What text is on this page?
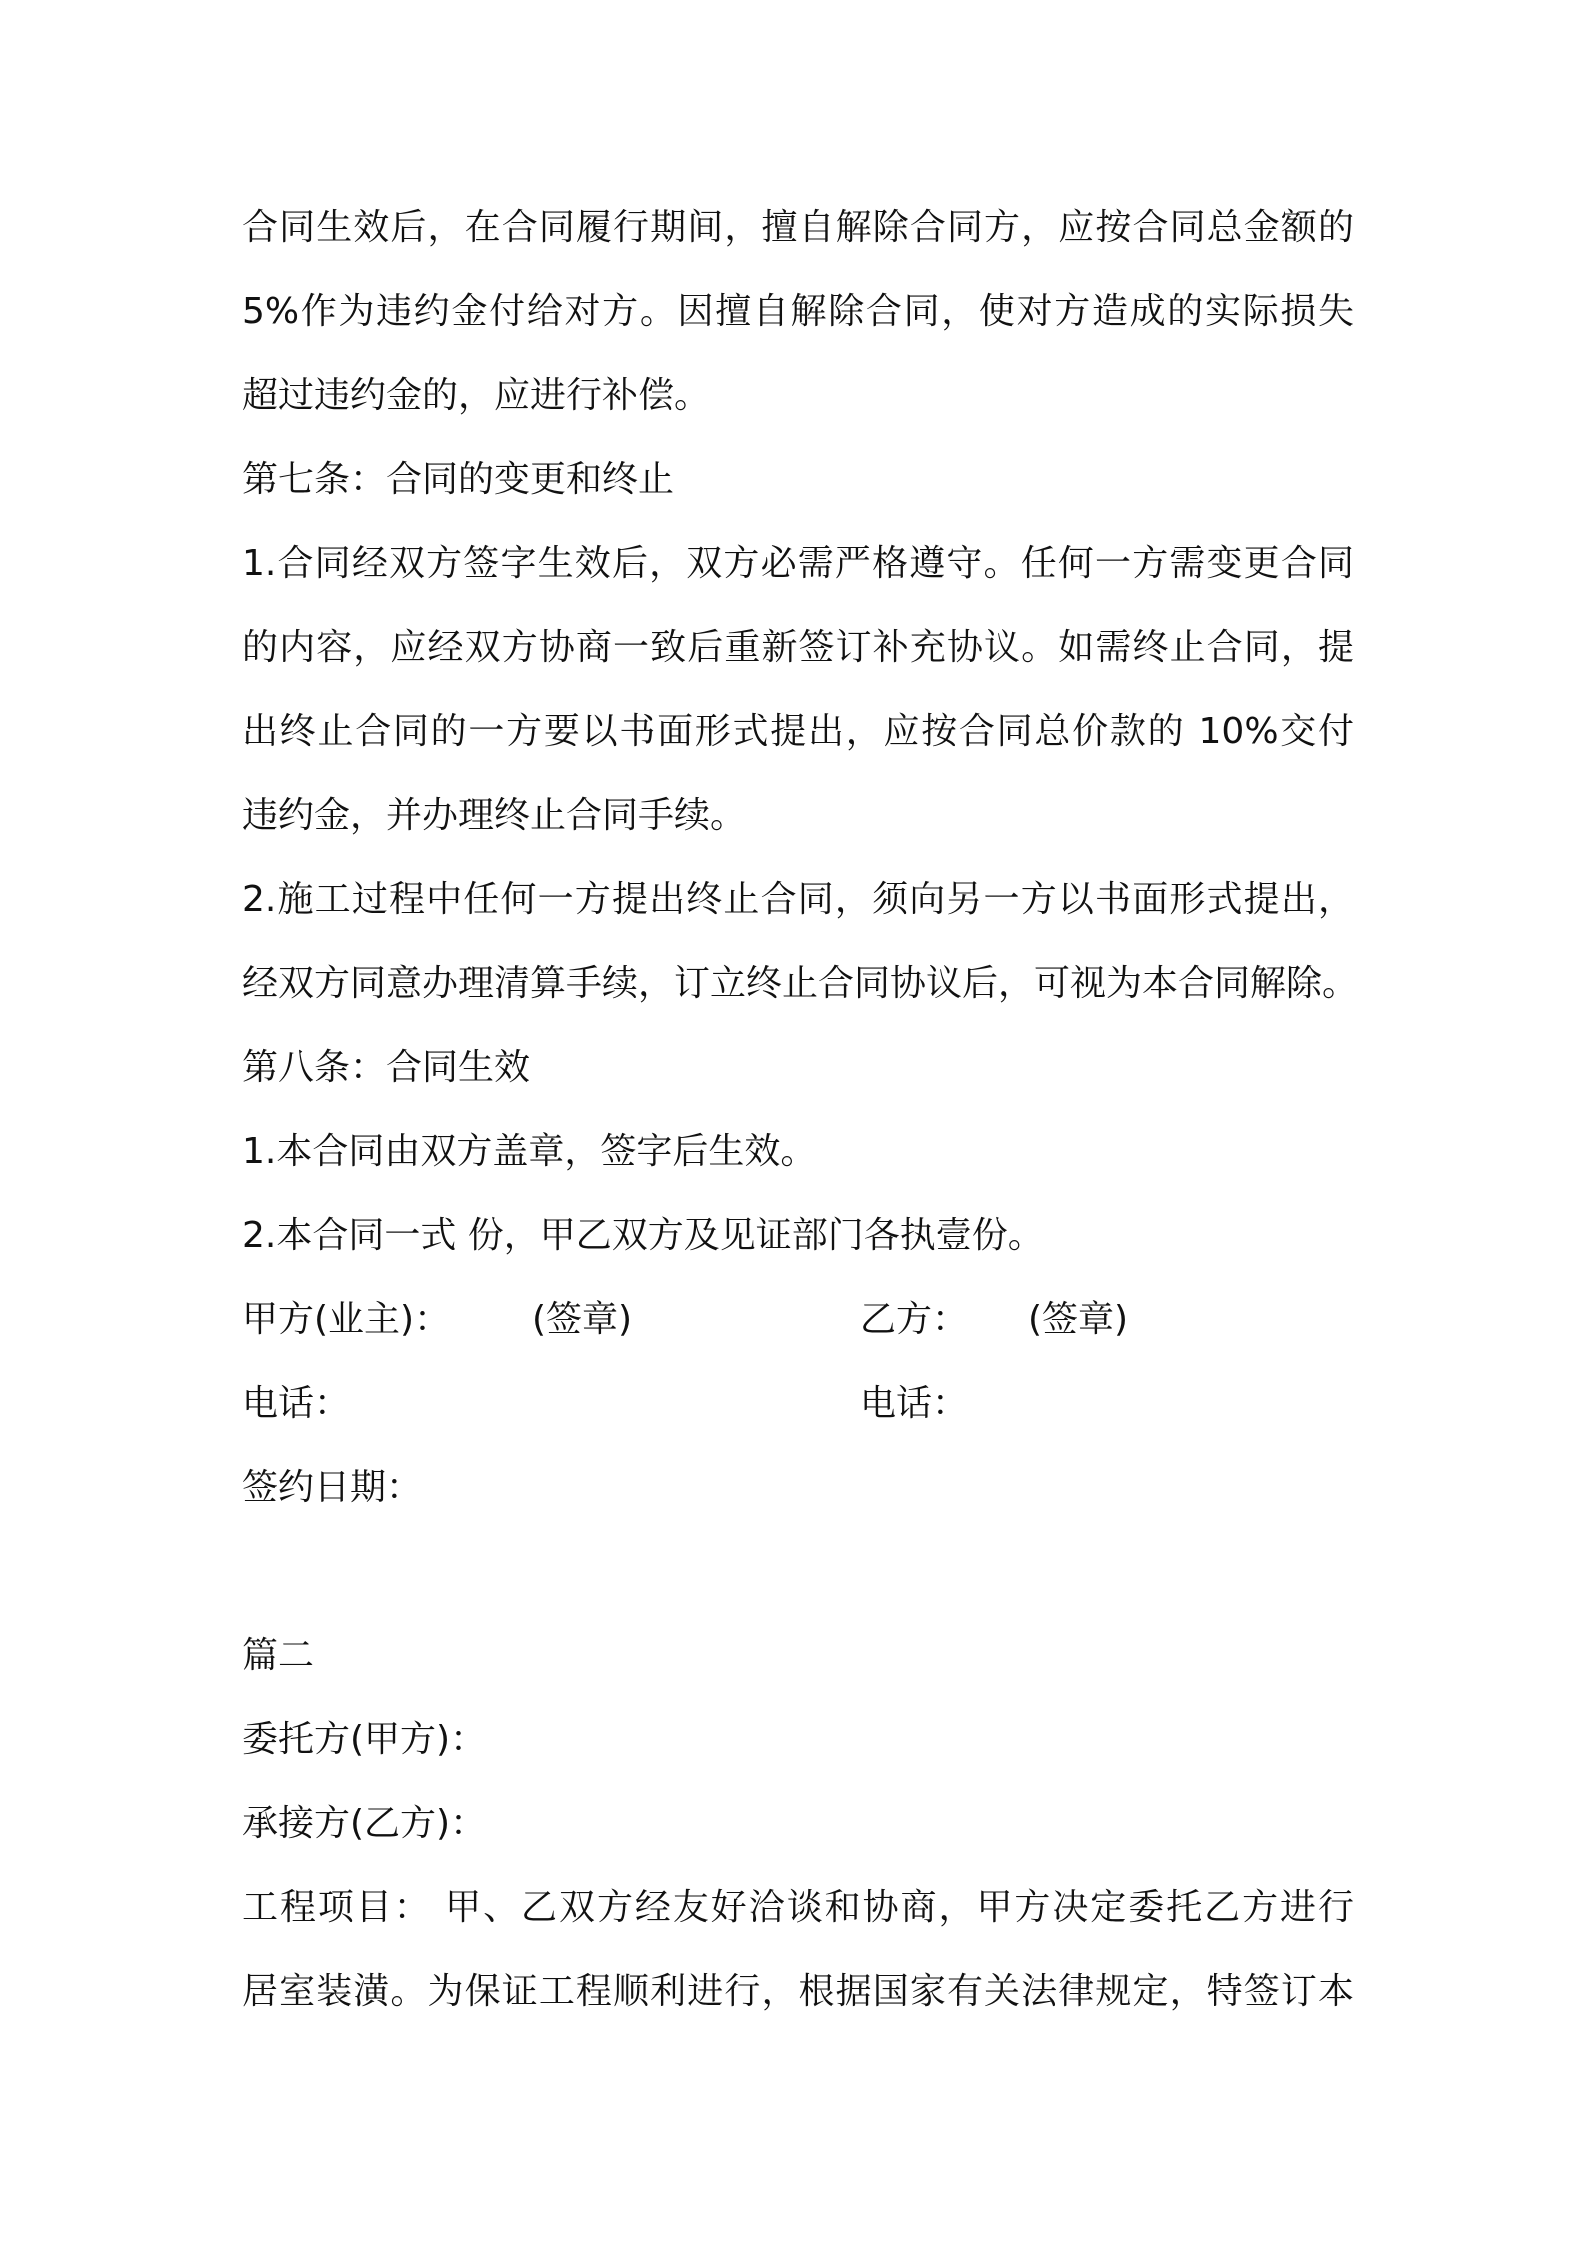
合同生效后，在合同履行期间，擅自解除合同方，应按合同总金额的
5%作为违约金付给对方。因擅自解除合同，使对方造成的实际损失
超过违约金的，应进行补偿。
第七条：合同的变更和终止
1.合同经双方签字生效后，双方必需严格遵守。任何一方需变更合同
的内容，应经双方协商一致后重新签订补充协议。如需终止合同，提
出终止合同的一方要以书面形式提出，应按合同总价款的 10%交付
违约金，并办理终止合同手续。
2.施工过程中任何一方提出终止合同，须向另一方以书面形式提出，
经双方同意办理清算手续，订立终止合同协议后，可视为本合同解除。
第八条：合同生效
1.本合同由双方盖章，签字后生效。
2.本合同一式 份，甲乙双方及见证部门各执壹份。
甲方(业主)： (签章)	乙方： (签章)
电话：	电话：
签约日期：
篇二
委托方(甲方)：
承接方(乙方)：
工程项目： 甲、乙双方经友好洽谈和协商，甲方决定委托乙方进行
居室装潢。为保证工程顺利进行，根据国家有关法律规定，特签订本
